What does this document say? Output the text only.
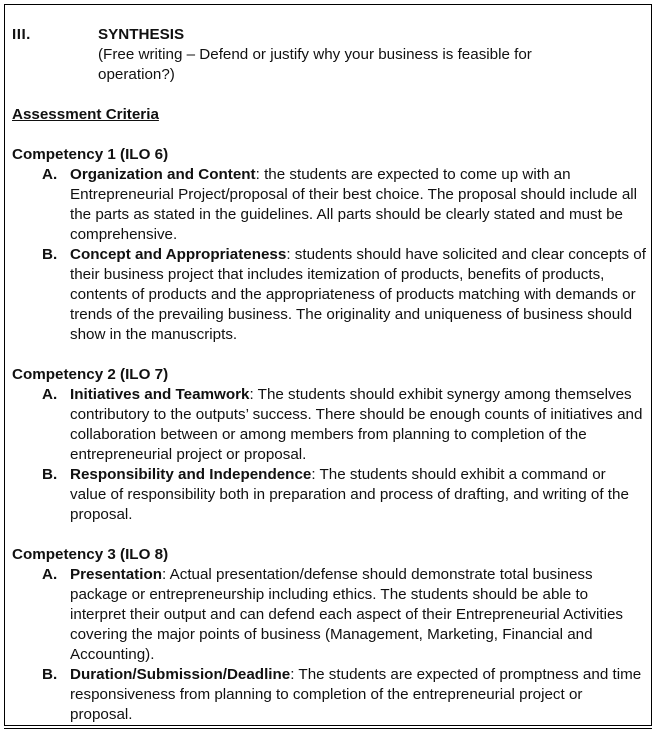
III.	SYNTHESIS
(Free writing – Defend or justify why your business is feasible for
operation?)
Assessment Criteria
Competency 1 (ILO 6)
A. Organization and Content: the students are expected to come up with an Entrepreneurial Project/proposal of their best choice. The proposal should include all the parts as stated in the guidelines. All parts should be clearly stated and must be comprehensive.
B. Concept and Appropriateness: students should have solicited and clear concepts of their business project that includes itemization of products, benefits of products, contents of products and the appropriateness of products matching with demands or trends of the prevailing business. The originality and uniqueness of business should show in the manuscripts.
Competency 2 (ILO 7)
A. Initiatives and Teamwork: The students should exhibit synergy among themselves contributory to the outputs’ success. There should be enough counts of initiatives and collaboration between or among members from planning to completion of the entrepreneurial project or proposal.
B. Responsibility and Independence: The students should exhibit a command or value of responsibility both in preparation and process of drafting, and writing of the proposal.
Competency 3 (ILO 8)
A. Presentation: Actual presentation/defense should demonstrate total business package or entrepreneurship including ethics. The students should be able to interpret their output and can defend each aspect of their Entrepreneurial Activities covering the major points of business (Management, Marketing, Financial and Accounting).
B. Duration/Submission/Deadline: The students are expected of promptness and time responsiveness from planning to completion of the entrepreneurial project or proposal.
